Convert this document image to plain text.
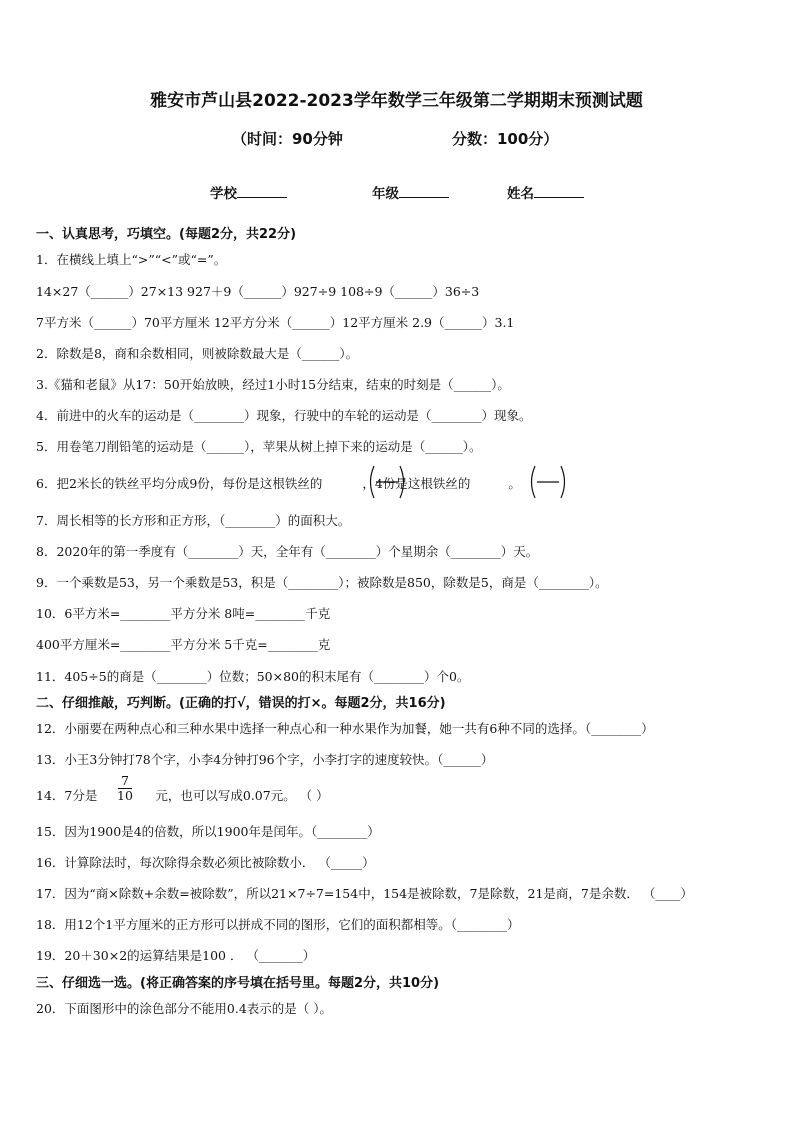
雅安市芦山县2022-2023学年数学三年级第二学期期末预测试题
（时间：90分钟	分数：100分）
学校	年级	姓名
一、认真思考，巧填空。(每题2分，共22分)
1．在横线上填上“>”“<”或“=”。
14×27（______）27×13 927＋9（______）927÷9 108÷9（______）36÷3
7平方米（______）70平方厘米 12平方分米（______）12平方厘米 2.9（______）3.1
2．除数是8，商和余数相同，则被除数最大是（______）。
3.《猫和老鼠》从17：50开始放映，经过1小时15分结束，结束的时刻是（______）。
4．前进中的火车的运动是（________）现象，行驶中的车轮的运动是（________）现象。
5．用卷笔刀削铅笔的运动是（______），苹果从树上掉下来的运动是（______）。
6．把2米长的铁丝平均分成9份，每份是这根铁丝的	，4份是这根铁丝的	。
7．周长相等的长方形和正方形，（________）的面积大。
8．2020年的第一季度有（________）天，全年有（________）个星期余（________）天。
9．一个乘数是53，另一个乘数是53，积是（________）；被除数是850，除数是5，商是（________）。
10．6平方米=________平方分米 8吨=________千克
400平方厘米=________平方分米 5千克=________克
11．405÷5的商是（________）位数；50×80的积末尾有（________）个0。
二、仔细推敲，巧判断。(正确的打√，错误的打×。每题2分，共16分)
12．小丽要在两种点心和三种水果中选择一种点心和一种水果作为加餐，她一共有6种不同的选择。（________）
13．小王3分钟打78个字，小李4分钟打96个字，小李打字的速度较快。（______）
14．7分是	元，也可以写成0.07元。 （ ）
$\frac{7}{10}$
15．因为1900是4的倍数，所以1900年是闰年。（________）
16．计算除法时，每次除得余数必须比被除数小． （_____）
17．因为“商×除数+余数=被除数”，所以21×7÷7=154中，154是被除数，7是除数，21是商，7是余数． （____）
18．用12个1平方厘米的正方形可以拼成不同的图形，它们的面积都相等。（________）
19．20＋30×2的运算结果是100 ． （_______）
三、仔细选一选。(将正确答案的序号填在括号里。每题2分，共10分)
20．下面图形中的涂色部分不能用0.4表示的是（ ）。
